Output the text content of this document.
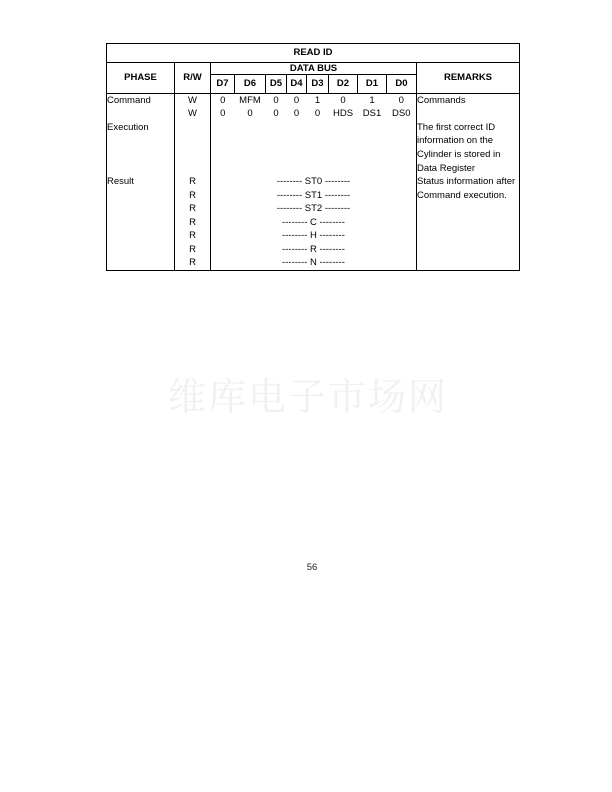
READ ID										
PHASE	R/W	DATA BUS								REMARKS
		D7	D6	D5	D4	D3	D2	D1	D0	
Command	W	0	MFM	0	0	1	0	1	0	Commands
	W	0	0	0	0	0	HDS	DS1	DS0	
Execution										The first correct ID
										information on the
										Cylinder is stored in
										Data Register
Result	R	-------- ST0 --------								Status information after
	R	-------- ST1 --------								Command execution.
	R	-------- ST2 --------								
	R	-------- C --------								
	R	-------- H --------								
	R	-------- R --------								
	R	-------- N --------								
维库电子市场网
56
